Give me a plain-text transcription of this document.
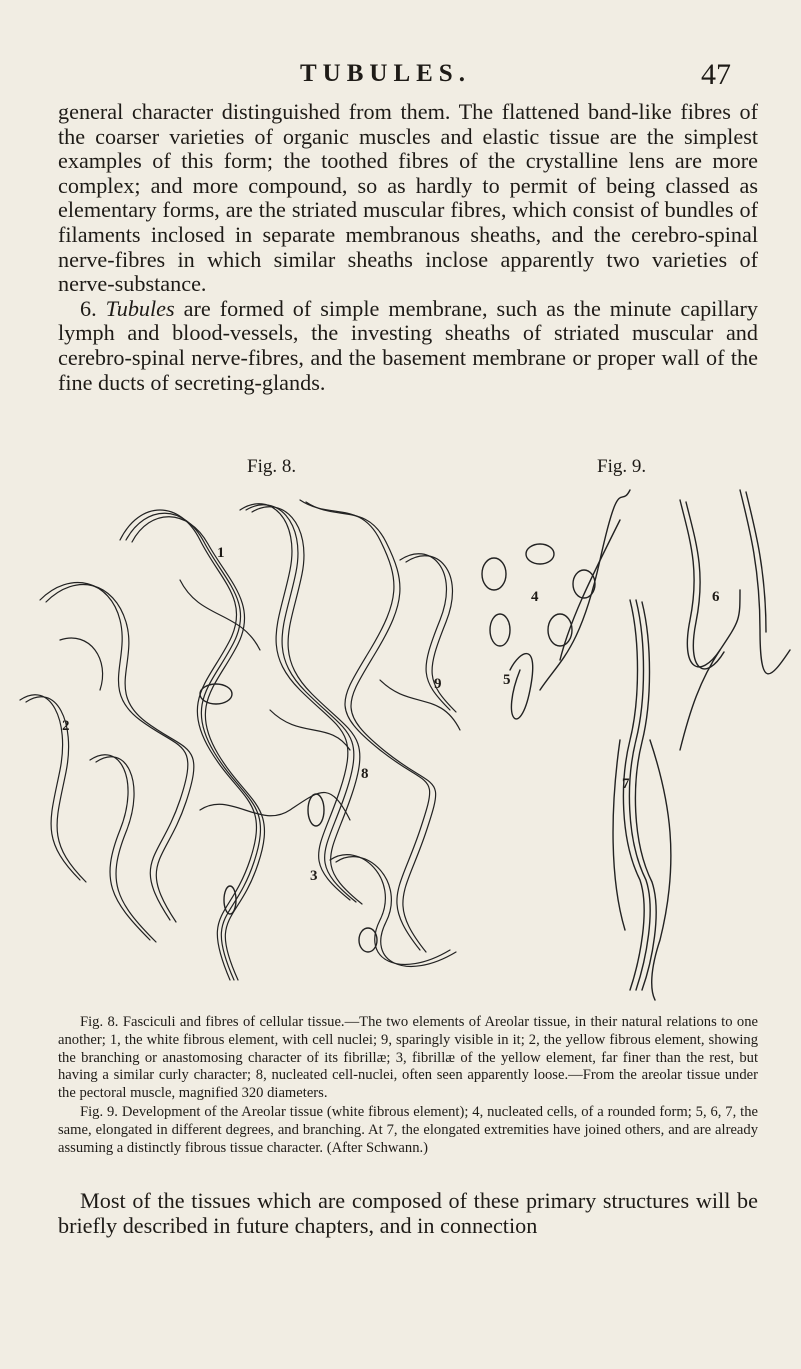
TUBULES.	47

general character distinguished from them. The flattened band-like fibres of the coarser varieties of organic muscles and elastic tissue are the simplest examples of this form; the toothed fibres of the crystalline lens are more complex; and more compound, so as hardly to permit of being classed as elementary forms, are the striated muscular fibres, which consist of bundles of filaments inclosed in separate membranous sheaths, and the cerebro-spinal nerve-fibres in which similar sheaths inclose apparently two varieties of nerve-substance.

6. Tubules are formed of simple membrane, such as the minute capillary lymph and blood-vessels, the investing sheaths of striated muscular and cerebro-spinal nerve-fibres, and the basement membrane or proper wall of the fine ducts of secreting-glands.

Fig. 8.	Fig. 9.
1
2
3
8
9
4
5
6
7

Fig. 8. Fasciculi and fibres of cellular tissue.—The two elements of Areolar tissue, in their natural relations to one another; 1, the white fibrous element, with cell nuclei; 9, sparingly visible in it; 2, the yellow fibrous element, showing the branching or anastomosing character of its fibrillæ; 3, fibrillæ of the yellow element, far finer than the rest, but having a similar curly character; 8, nucleated cell-nuclei, often seen apparently loose.—From the areolar tissue under the pectoral muscle, magnified 320 diameters.

Fig. 9. Development of the Areolar tissue (white fibrous element); 4, nucleated cells, of a rounded form; 5, 6, 7, the same, elongated in different degrees, and branching. At 7, the elongated extremities have joined others, and are already assuming a distinctly fibrous tissue character. (After Schwann.)

Most of the tissues which are composed of these primary structures will be briefly described in future chapters, and in connection
